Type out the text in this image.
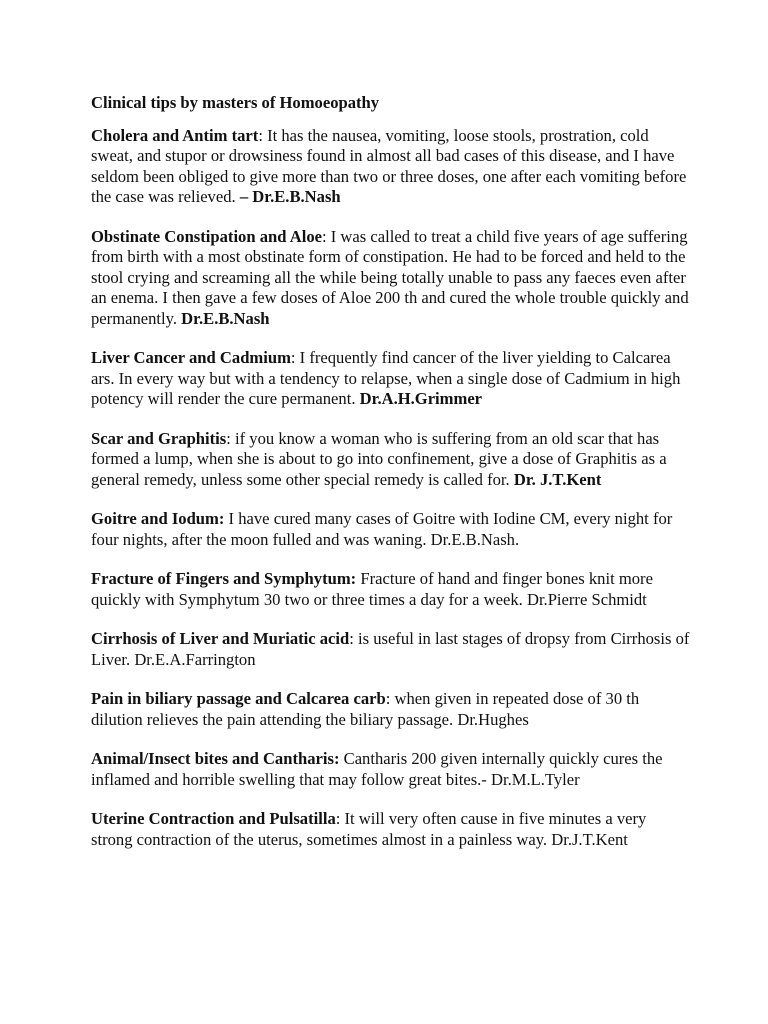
Clinical tips by masters of Homoeopathy

Cholera and Antim tart: It has the nausea, vomiting, loose stools, prostration, cold sweat, and stupor or drowsiness found in almost all bad cases of this disease, and I have seldom been obliged to give more than two or three doses, one after each vomiting before the case was relieved. – Dr.E.B.Nash

Obstinate Constipation and Aloe: I was called to treat a child five years of age suffering from birth with a most obstinate form of constipation. He had to be forced and held to the stool crying and screaming all the while being totally unable to pass any faeces even after an enema. I then gave a few doses of Aloe 200 th and cured the whole trouble quickly and permanently. Dr.E.B.Nash

Liver Cancer and Cadmium: I frequently find cancer of the liver yielding to Calcarea ars. In every way but with a tendency to relapse, when a single dose of Cadmium in high potency will render the cure permanent. Dr.A.H.Grimmer

Scar and Graphitis: if you know a woman who is suffering from an old scar that has formed a lump, when she is about to go into confinement, give a dose of Graphitis as a general remedy, unless some other special remedy is called for. Dr. J.T.Kent

Goitre and Iodum: I have cured many cases of Goitre with Iodine CM, every night for four nights, after the moon fulled and was waning. Dr.E.B.Nash.

Fracture of Fingers and Symphytum: Fracture of hand and finger bones knit more quickly with Symphytum 30 two or three times a day for a week. Dr.Pierre Schmidt

Cirrhosis of Liver and Muriatic acid: is useful in last stages of dropsy from Cirrhosis of Liver. Dr.E.A.Farrington

Pain in biliary passage and Calcarea carb: when given in repeated dose of 30 th dilution relieves the pain attending the biliary passage. Dr.Hughes

Animal/Insect bites and Cantharis: Cantharis 200 given internally quickly cures the inflamed and horrible swelling that may follow great bites.- Dr.M.L.Tyler

Uterine Contraction and Pulsatilla: It will very often cause in five minutes a very strong contraction of the uterus, sometimes almost in a painless way. Dr.J.T.Kent
